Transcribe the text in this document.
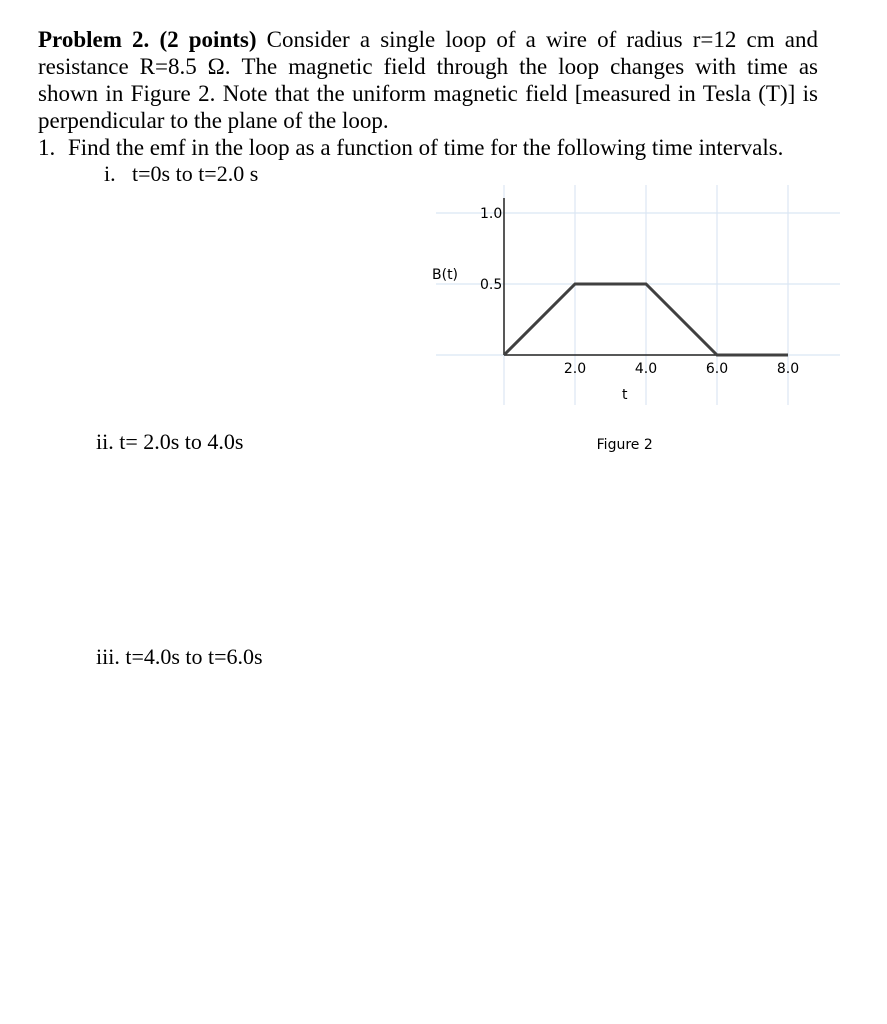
Problem 2. (2 points) Consider a single loop of a wire of radius r=12 cm and resistance R=8.5 Ω. The magnetic field through the loop changes with time as shown in Figure 2. Note that the uniform magnetic field [measured in Tesla (T)] is perpendicular to the plane of the loop.
1. Find the emf in the loop as a function of time for the following time intervals.
i. t=0s to t=2.0 s
ii. t= 2.0s to 4.0s
iii. t=4.0s to t=6.0s
1.0
0.5
2.0	4.0	6.0	8.0
B(t)
t
Figure 2
